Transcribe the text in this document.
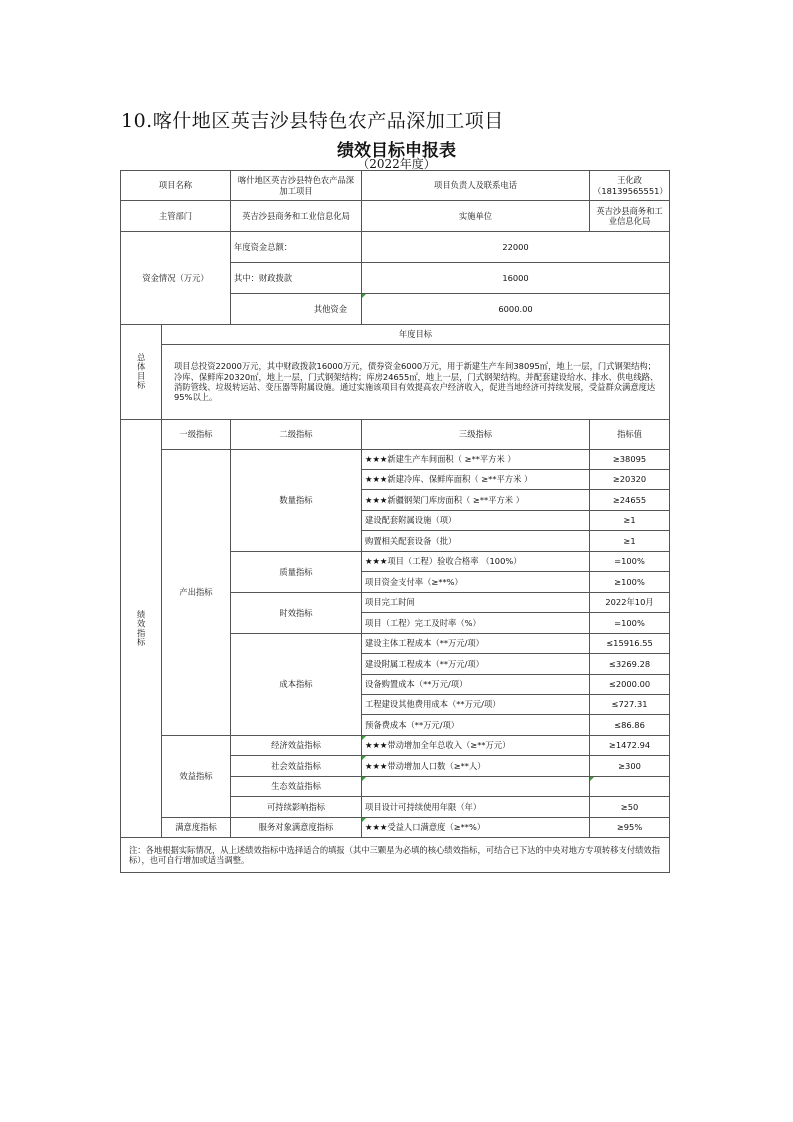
10.喀什地区英吉沙县特色农产品深加工项目
绩效目标申报表
（2022年度）
项目名称		喀什地区英吉沙县特色农产品深加工项目	项目负责人及联系电话	王化政（18139565551）
主管部门		英吉沙县商务和工业信息化局	实施单位	英吉沙县商务和工业信息化局
资金情况（万元）		年度资金总额：	22000	
		其中：财政拨款	16000	
		其他资金	6000.00	
总体目标	年度目标			
	项目总投资22000万元，其中财政拨款16000万元，债券资金6000万元，用于新建生产车间38095㎡，地上一层，门式钢架结构；冷库、保鲜库20320㎡，地上一层，门式钢架结构；库房24655㎡，地上一层，门式钢架结构。并配套建设给水、排水、供电线路、消防管线、垃圾转运站、变压器等附属设施。通过实施该项目有效提高农户经济收入，促进当地经济可持续发展，受益群众满意度达95%以上。			
绩效指标	一级指标	二级指标	三级指标	指标值
	产出指标	数量指标	★★★新建生产车间面积（ ≥**平方米 ）	≥38095
			★★★新建冷库、保鲜库面积（ ≥**平方米 ）	≥20320
			★★★新疆钢架门库房面积（ ≥**平方米 ）	≥24655
			建设配套附属设施（项）	≥1
			购置相关配套设备（批）	≥1
		质量指标	★★★项目（工程）验收合格率 （100%）	=100%
			项目资金支付率（≥**%）	≥100%
		时效指标	项目完工时间	2022年10月
			项目（工程）完工及时率（%）	=100%
		成本指标	建设主体工程成本（**万元/项）	≤15916.55
			建设附属工程成本（**万元/项）	≤3269.28
			设备购置成本（**万元/项）	≤2000.00
			工程建设其他费用成本（**万元/项）	≤727.31
			预备费成本（**万元/项）	≤86.86
	效益指标	经济效益指标	★★★带动增加全年总收入（≥**万元）	≥1472.94
		社会效益指标	★★★带动增加人口数（≥**人）	≥300
		生态效益指标		
		可持续影响指标	项目设计可持续使用年限（年）	≥50
	满意度指标	服务对象满意度指标	★★★受益人口满意度（≥**%）	≥95%
注：各地根据实际情况，从上述绩效指标中选择适合的填报（其中三颗星为必填的核心绩效指标，可结合已下达的中央对地方专项转移支付绩效指标），也可自行增加或适当调整。				
